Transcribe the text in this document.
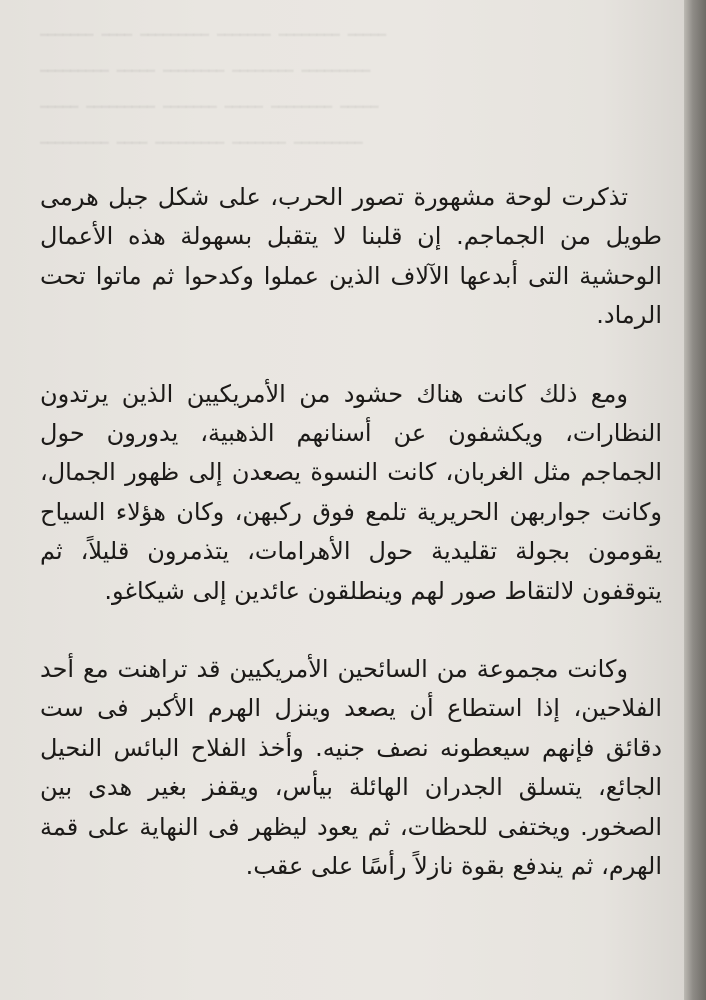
ـــــــ ــــ ـــــــــ ـــــــ ــــــــ ـــــ
ـــــــــ ـــــ ــــــــ ــــــــ ـــــــــ
ـــــ ـــــــــ ـــــــ ـــــ ــــــــ ـــــ
ـــــــــ ــــ ـــــــــ ـــــــ ـــــــــ

تذكرت لوحة مشهورة تصور الحرب، على شكل جبل هرمى طويل من الجماجم. إن قلبنا لا يتقبل بسهولة هذه الأعمال الوحشية التى أبدعها الآلاف الذين عملوا وكدحوا ثم ماتوا تحت الرماد.

ومع ذلك كانت هناك حشود من الأمريكيين الذين يرتدون النظارات، ويكشفون عن أسنانهم الذهبية، يدورون حول الجماجم مثل الغربان، كانت النسوة يصعدن إلى ظهور الجمال، وكانت جواربهن الحريرية تلمع فوق ركبهن، وكان هؤلاء السياح يقومون بجولة تقليدية حول الأهرامات، يتذمرون قليلاً، ثم يتوقفون لالتقاط صور لهم وينطلقون عائدين إلى شيكاغو.

وكانت مجموعة من السائحين الأمريكيين قد تراهنت مع أحد الفلاحين، إذا استطاع أن يصعد وينزل الهرم الأكبر فى ست دقائق فإنهم سيعطونه نصف جنيه. وأخذ الفلاح البائس النحيل الجائع، يتسلق الجدران الهائلة بيأس، ويقفز بغير هدى بين الصخور. ويختفى للحظات، ثم يعود ليظهر فى النهاية على قمة الهرم، ثم يندفع بقوة نازلاً رأسًا على عقب.
